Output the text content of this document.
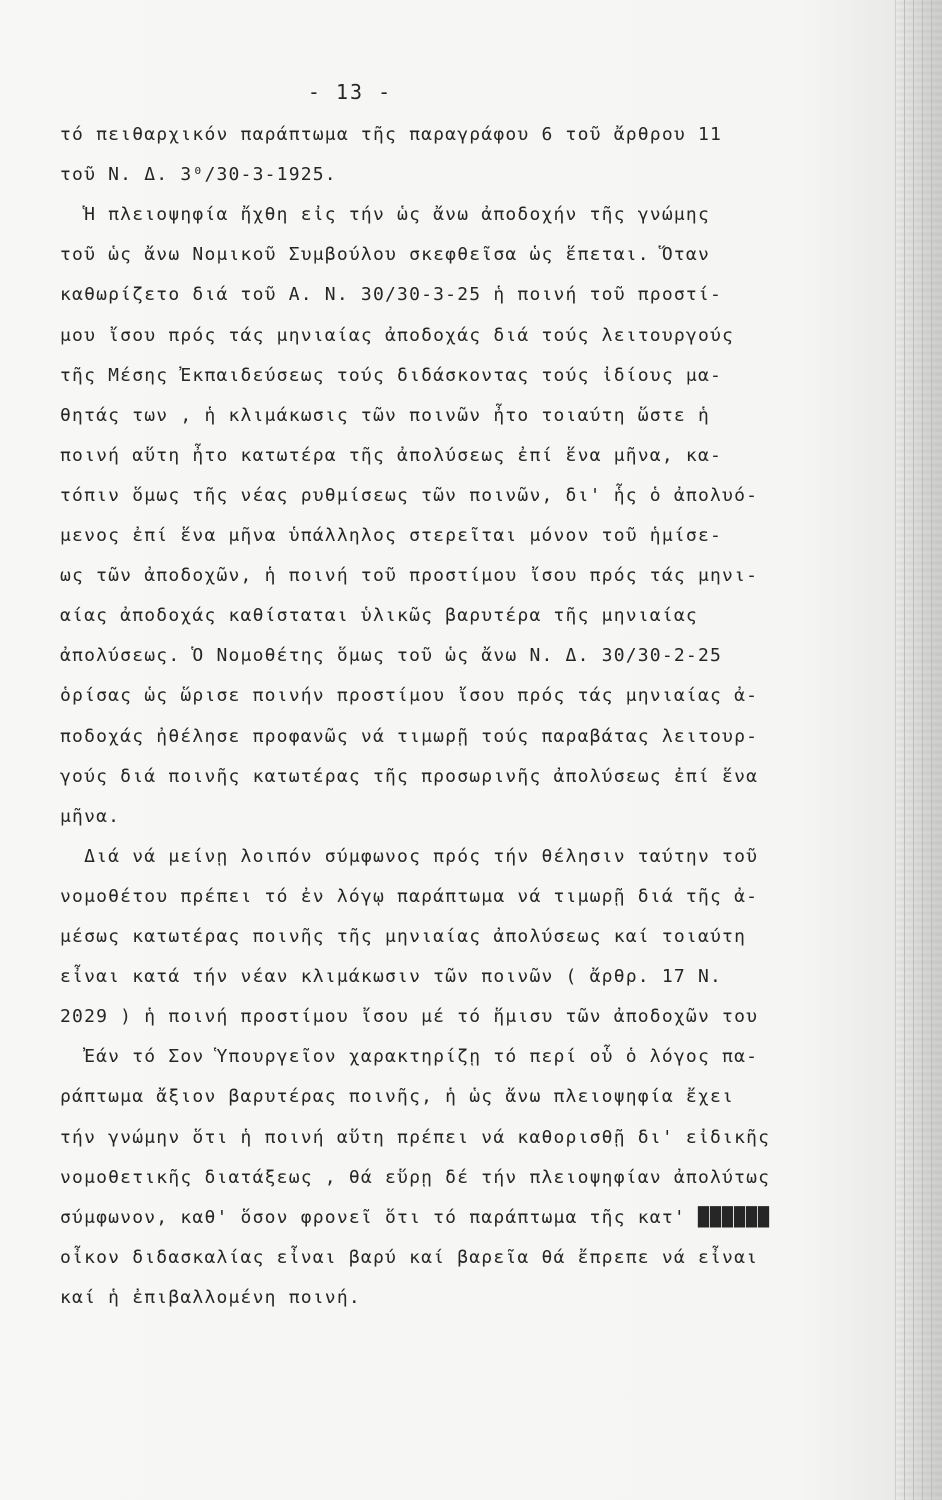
- 13 -
τό πειθαρχικόν παράπτωμα τῆς παραγράφου 6 τοῦ ἄρθρου 11
τοῦ Ν. Δ. 3⁰/30-3-1925.
Ἡ πλειοψηφία ἤχθη εἰς τήν ὡς ἄνω ἀποδοχήν τῆς γνώμης
τοῦ ὡς ἄνω Νομικοῦ Συμβούλου σκεφθεῖσα ὡς ἕπεται. Ὅταν
καθωρίζετο διά τοῦ Α. Ν. 30/30-3-25 ἡ ποινή τοῦ προστί-
μου ἴσου πρός τάς μηνιαίας ἀποδοχάς διά τούς λειτουργούς
τῆς Μέσης Ἐκπαιδεύσεως τούς διδάσκοντας τούς ἰδίους μα-
θητάς των , ἡ κλιμάκωσις τῶν ποινῶν ἦτο τοιαύτη ὥστε ἡ
ποινή αὕτη ἦτο κατωτέρα τῆς ἀπολύσεως ἐπί ἕνα μῆνα, κα-
τόπιν ὅμως τῆς νέας ρυθμίσεως τῶν ποινῶν, δι' ἧς ὁ ἀπολυό-
μενος ἐπί ἕνα μῆνα ὑπάλληλος στερεῖται μόνον τοῦ ἡμίσε-
ως τῶν ἀποδοχῶν, ἡ ποινή τοῦ προστίμου ἴσου πρός τάς μηνι-
αίας ἀποδοχάς καθίσταται ὑλικῶς βαρυτέρα τῆς μηνιαίας
ἀπολύσεως. Ὁ Νομοθέτης ὅμως τοῦ ὡς ἄνω Ν. Δ. 30/30-2-25
ὁρίσας ὡς ὥρισε ποινήν προστίμου ἴσου πρός τάς μηνιαίας ἀ-
ποδοχάς ἠθέλησε προφανῶς νά τιμωρῇ τούς παραβάτας λειτουρ-
γούς διά ποινῆς κατωτέρας τῆς προσωρινῆς ἀπολύσεως ἐπί ἕνα
μῆνα.
Διά νά μείνῃ λοιπόν σύμφωνος πρός τήν θέλησιν ταύτην τοῦ
νομοθέτου πρέπει τό ἐν λόγῳ παράπτωμα νά τιμωρῇ διά τῆς ἀ-
μέσως κατωτέρας ποινῆς τῆς μηνιαίας ἀπολύσεως καί τοιαύτη
εἶναι κατά τήν νέαν κλιμάκωσιν τῶν ποινῶν ( ἄρθρ. 17 Ν.
2029 ) ἡ ποινή προστίμου ἴσου μέ τό ἥμισυ τῶν ἀποδοχῶν του
Ἐάν τό Σον Ὑπουργεῖον χαρακτηρίζῃ τό περί οὗ ὁ λόγος πα-
ράπτωμα ἄξιον βαρυτέρας ποινῆς, ἡ ὡς ἄνω πλειοψηφία ἔχει
τήν γνώμην ὅτι ἡ ποινή αὕτη πρέπει νά καθορισθῇ δι' εἰδικῆς
νομοθετικῆς διατάξεως , θά εὕρῃ δέ τήν πλειοψηφίαν ἀπολύτως
σύμφωνον, καθ' ὅσον φρονεῖ ὅτι τό παράπτωμα τῆς κατ' ██████
οἶκον διδασκαλίας εἶναι βαρύ καί βαρεῖα θά ἔπρεπε νά εἶναι
καί ἡ ἐπιβαλλομένη ποινή.
